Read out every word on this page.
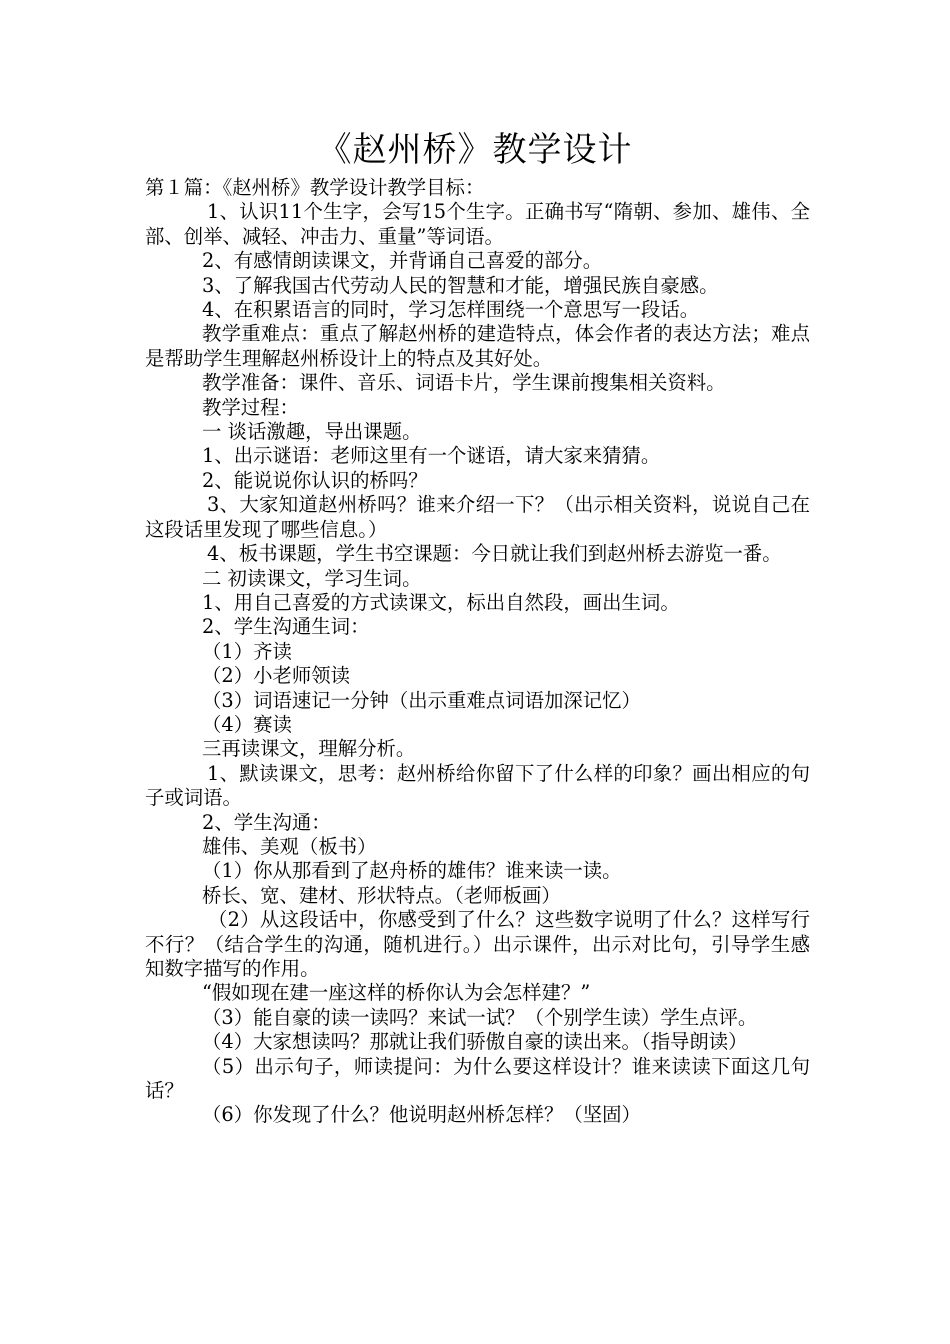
《赵州桥》教学设计

第１篇：《赵州桥》教学设计教学目标：

1、认识11个生字，会写15个生字。正确书写“隋朝、参加、雄伟、全部、创举、减轻、冲击力、重量”等词语。

2、有感情朗读课文，并背诵自己喜爱的部分。

3、了解我国古代劳动人民的智慧和才能，增强民族自豪感。

4、在积累语言的同时，学习怎样围绕一个意思写一段话。

教学重难点：重点了解赵州桥的建造特点，体会作者的表达方法；难点是帮助学生理解赵州桥设计上的特点及其好处。

教学准备：课件、音乐、词语卡片，学生课前搜集相关资料。

教学过程：

一 谈话激趣，导出课题。

1、出示谜语：老师这里有一个谜语，请大家来猜猜。

2、能说说你认识的桥吗？

3、大家知道赵州桥吗？谁来介绍一下？（出示相关资料，说说自己在这段话里发现了哪些信息。）

4、板书课题，学生书空课题：今日就让我们到赵州桥去游览一番。

二 初读课文，学习生词。

1、用自己喜爱的方式读课文，标出自然段，画出生词。

2、学生沟通生词：

（1）齐读

（2）小老师领读

（3）词语速记一分钟（出示重难点词语加深记忆）

（4）赛读

三再读课文，理解分析。

1、默读课文，思考：赵州桥给你留下了什么样的印象？画出相应的句子或词语。

2、学生沟通：

雄伟、美观（板书）

（1）你从那看到了赵舟桥的雄伟？谁来读一读。

桥长、宽、建材、形状特点。（老师板画）

（2）从这段话中，你感受到了什么？这些数字说明了什么？这样写行不行？（结合学生的沟通，随机进行。）出示课件，出示对比句，引导学生感知数字描写的作用。

“假如现在建一座这样的桥你认为会怎样建？”

（3）能自豪的读一读吗？来试一试？（个别学生读）学生点评。

（4）大家想读吗？那就让我们骄傲自豪的读出来。（指导朗读）

（5）出示句子，师读提问：为什么要这样设计？谁来读读下面这几句话？

（6）你发现了什么？他说明赵州桥怎样？（坚固）
